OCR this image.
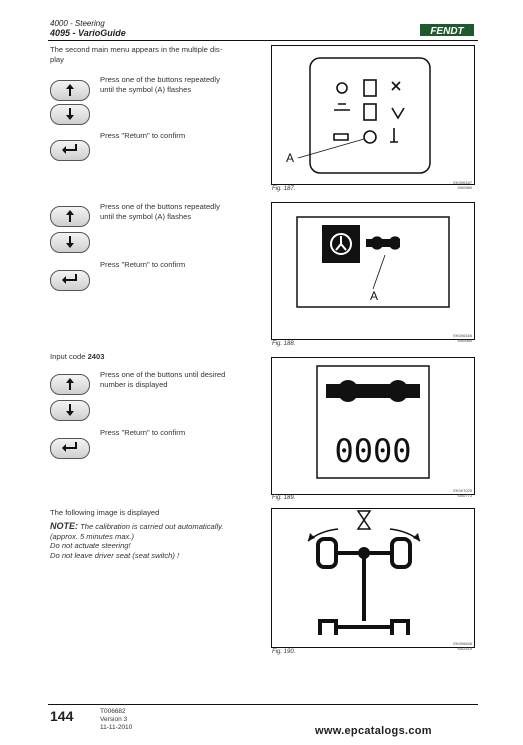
4000 - Steering
4095 - VarioGuide	FENDT
The second main menu appears in the multiple dis-
play
Press one of the buttons repeatedly
until the symbol (A) flashes
Press "Return" to confirm
A
Fig. 187.
EK006167
I000980
Press one of the buttons repeatedly
until the symbol (A) flashes
Press "Return" to confirm
A
Fig. 188.
EK006166
I000984
Input code 2403
Press one of the buttons until desired
number is displayed
Press "Return" to confirm	0000
Fig. 189.
EK007029
I000773
The following image is displayed
NOTE: The calibration is carried out automatically.
(approx. 5 minutes max.)
Do not actuate steering!
Do not leave driver seat (seat switch) !
Fig. 190.
EK006646
I002515
144	T006682
Version 3
11-11-2010	www.epcatalogs.com
